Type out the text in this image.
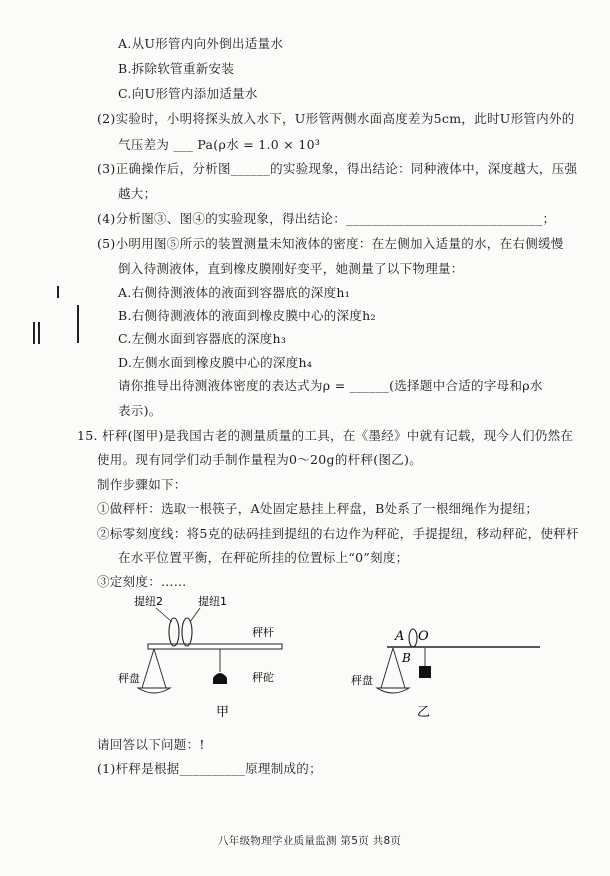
A.从U形管内向外倒出适量水
B.拆除软管重新安装
C.向U形管内添加适量水
(2)实验时，小明将探头放入水下，U形管两侧水面高度差为5cm，此时U形管内外的
气压差为 ___ Pa(ρ水 = 1.0 × 10³
(3)正确操作后，分析图______的实验现象，得出结论：同种液体中，深度越大，压强
越大；
(4)分析图③、图④的实验现象，得出结论：______________________________；
(5)小明用图⑤所示的装置测量未知液体的密度：在左侧加入适量的水，在右侧缓慢
倒入待测液体，直到橡皮膜刚好变平，她测量了以下物理量：
A.右侧待测液体的液面到容器底的深度h₁
B.右侧待测液体的液面到橡皮膜中心的深度h₂
C.左侧水面到容器底的深度h₃
D.左侧水面到橡皮膜中心的深度h₄
请你推导出待测液体密度的表达式为ρ = ______(选择题中合适的字母和ρ水
表示)。
15. 杆秤(图甲)是我国古老的测量质量的工具，在《墨经》中就有记载，现今人们仍然在
使用。现有同学们动手制作量程为0～20g的杆秤(图乙)。
制作步骤如下：
①做秤杆：选取一根筷子，A处固定悬挂上秤盘，B处系了一根细绳作为提纽；
②标零刻度线：将5克的砝码挂到提纽的右边作为秤砣，手提提纽，移动秤砣，使秤杆
在水平位置平衡，在秤砣所挂的位置标上“0”刻度；
③定刻度：……
提纽2	提纽1
秤杆
秤盘	秤砣
甲
A O
B
秤盘
乙
请回答以下问题：!
(1)杆秤是根据__________原理制成的；
八年级物理学业质量监测 第5页 共8页
